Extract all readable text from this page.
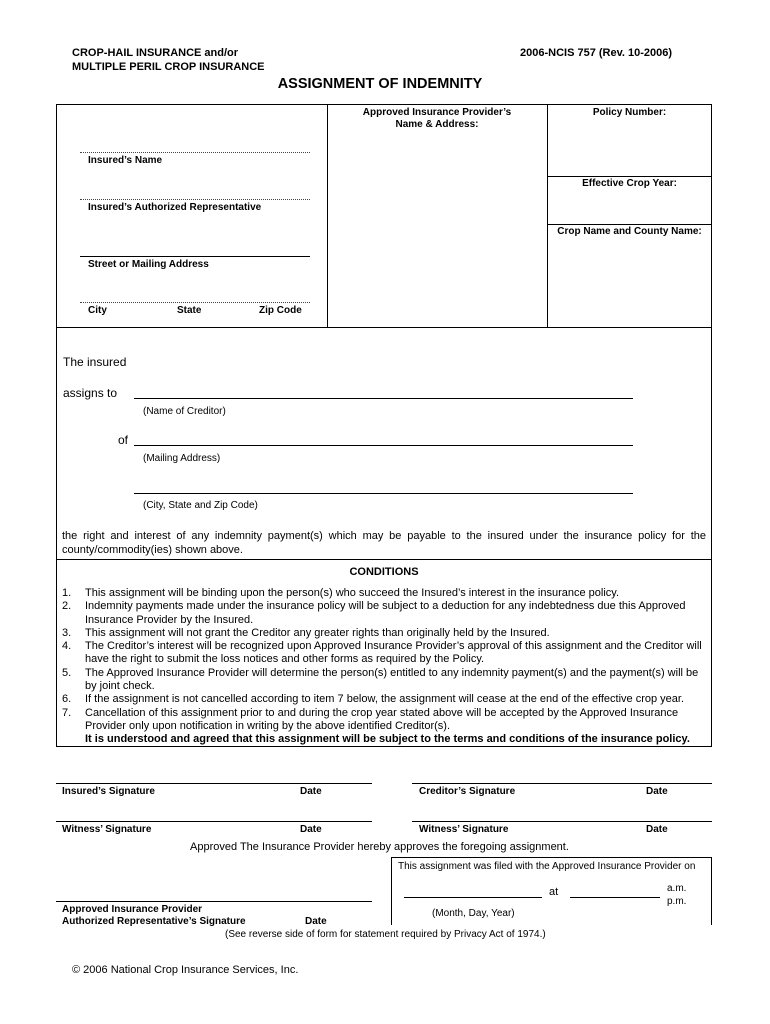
CROP-HAIL INSURANCE and/or
MULTIPLE PERIL CROP INSURANCE
2006-NCIS 757 (Rev. 10-2006)
ASSIGNMENT OF INDEMNITY
Insured’s Name
Insured’s Authorized Representative
Street or Mailing Address
City	State	Zip Code
Approved Insurance Provider’s
Name & Address:
Policy Number:
Effective Crop Year:
Crop Name and County Name:
The insured
assigns to
(Name of Creditor)
of
(Mailing Address)
(City, State and Zip Code)
the right and interest of any indemnity payment(s) which may be payable to the insured under the insurance policy for the county/commodity(ies) shown above.
CONDITIONS
1.	This assignment will be binding upon the person(s) who succeed the Insured’s interest in the insurance policy.
2.	Indemnity payments made under the insurance policy will be subject to a deduction for any indebtedness due this Approved Insurance Provider by the Insured.
3.	This assignment will not grant the Creditor any greater rights than originally held by the Insured.
4.	The Creditor’s interest will be recognized upon Approved Insurance Provider’s approval of this assignment and the Creditor will have the right to submit the loss notices and other forms as required by the Policy.
5.	The Approved Insurance Provider will determine the person(s) entitled to any indemnity payment(s) and the payment(s) will be by joint check.
6.	If the assignment is not cancelled according to item 7 below, the assignment will cease at the end of the effective crop year.
7.	Cancellation of this assignment prior to and during the crop year stated above will be accepted by the Approved Insurance Provider only upon notification in writing by the above identified Creditor(s).
It is understood and agreed that this assignment will be subject to the terms and conditions of the insurance policy.
Insured’s Signature	Date	Creditor’s Signature	Date
Witness’ Signature	Date	Witness’ Signature	Date
Approved The Insurance Provider hereby approves the foregoing assignment.
This assignment was filed with the Approved Insurance Provider on
at	a.m.
p.m.
(Month, Day, Year)
Approved Insurance Provider
Authorized Representative’s Signature	Date
(See reverse side of form for statement required by Privacy Act of 1974.)
© 2006 National Crop Insurance Services, Inc.
